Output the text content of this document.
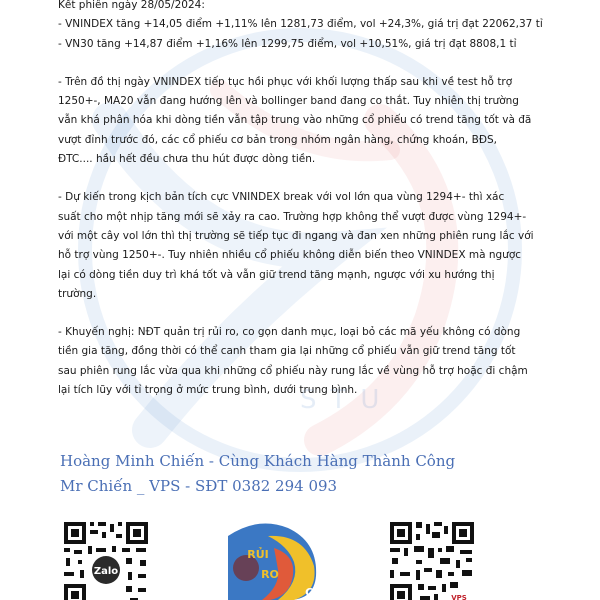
STU

Kết phiên ngày 28/05/2024:

- VNINDEX tăng +14,05 điểm +1,11% lên 1281,73 điểm, vol +24,3%, giá trị đạt 22062,37 tỉ

- VN30 tăng +14,87 điểm +1,16% lên 1299,75 điểm, vol +10,51%, giá trị đạt 8808,1 tỉ

- Trên đồ thị ngày VNINDEX tiếp tục hồi phục với khối lượng thấp sau khi về test hỗ trợ

1250+-, MA20 vẫn đang hướng lên và bollinger band đang co thắt. Tuy nhiên thị trường

vẫn khá phân hóa khi dòng tiền vẫn tập trung vào những cổ phiếu có trend tăng tốt và đã

vượt đỉnh trước đó, các cổ phiếu cơ bản trong nhóm ngân hàng, chứng khoán, BĐS,

ĐTC.... hầu hết đều chưa thu hút được dòng tiền.

- Dự kiến trong kịch bản tích cực VNINDEX break với vol lớn qua vùng 1294+- thì xác

suất cho một nhịp tăng mới sẽ xảy ra cao. Trường hợp không thể vượt được vùng 1294+-

với một cây vol lớn thì thị trường sẽ tiếp tục đi ngang và đan xen những phiên rung lắc với

hỗ trợ vùng 1250+-. Tuy nhiên nhiều cổ phiếu không diễn biến theo VNINDEX mà ngược

lại có dòng tiền duy trì khá tốt và vẫn giữ trend tăng mạnh, ngược với xu hướng thị

trường.

- Khuyến nghị: NĐT quản trị rủi ro, co gọn danh mục, loại bỏ các mã yếu không có dòng

tiền gia tăng, đồng thời có thể canh tham gia lại những cổ phiếu vẫn giữ trend tăng tốt

sau phiên rung lắc vừa qua khi những cổ phiếu này rung lắc về vùng hỗ trợ hoặc đi chậm

lại tích lũy với tỉ trọng ở mức trung bình, dưới trung bình.

Hoàng Minh Chiến - Cùng Khách Hàng Thành Công
Mr Chiến _ VPS - SĐT 0382 294 093
Zalo
RỦI
RO
CƠ	VPS
